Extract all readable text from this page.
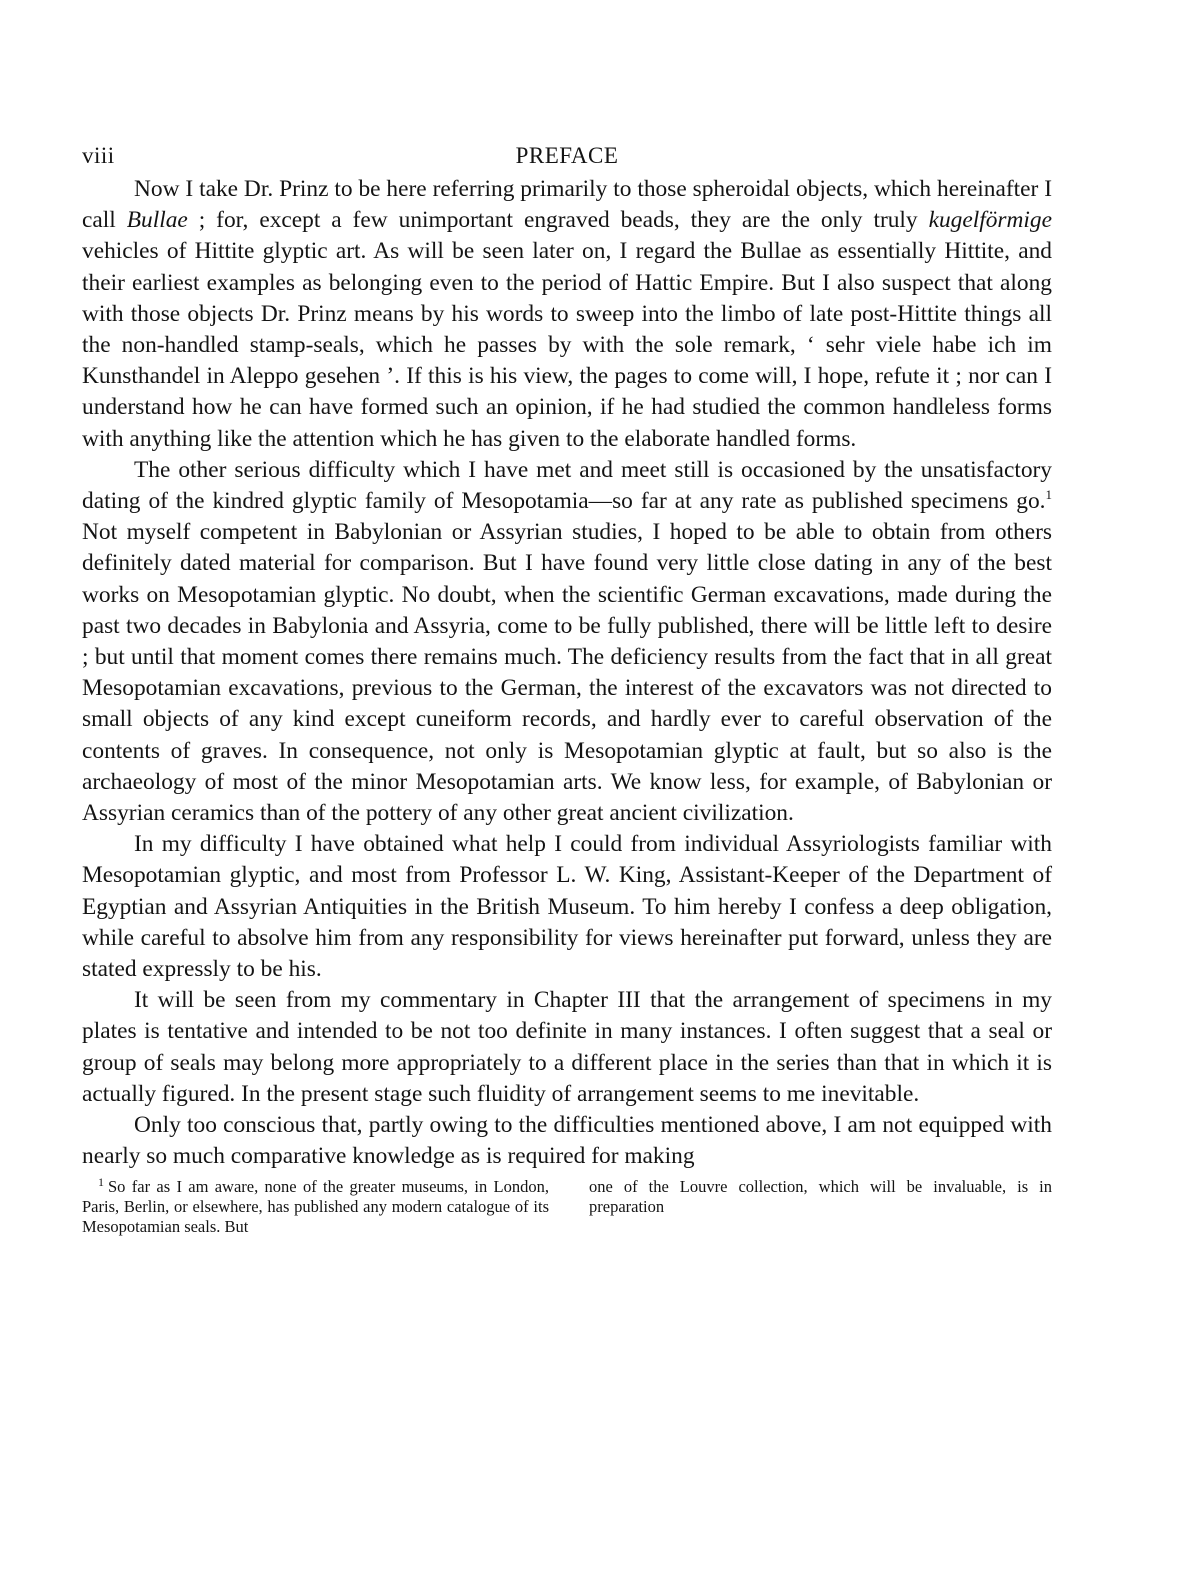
viii	PREFACE

Now I take Dr. Prinz to be here referring primarily to those spheroidal objects, which hereinafter I call Bullae ; for, except a few unimportant engraved beads, they are the only truly kugelförmige vehicles of Hittite glyptic art. As will be seen later on, I regard the Bullae as essentially Hittite, and their earliest examples as belonging even to the period of Hattic Empire. But I also suspect that along with those objects Dr. Prinz means by his words to sweep into the limbo of late post-Hittite things all the non-handled stamp-seals, which he passes by with the sole remark, ‘ sehr viele habe ich im Kunsthandel in Aleppo gesehen ’. If this is his view, the pages to come will, I hope, refute it ; nor can I understand how he can have formed such an opinion, if he had studied the common handleless forms with anything like the attention which he has given to the elaborate handled forms.

The other serious difficulty which I have met and meet still is occasioned by the unsatisfactory dating of the kindred glyptic family of Mesopotamia—so far at any rate as published specimens go.$^1$ Not myself competent in Babylonian or Assyrian studies, I hoped to be able to obtain from others definitely dated material for comparison. But I have found very little close dating in any of the best works on Mesopotamian glyptic. No doubt, when the scientific German excavations, made during the past two decades in Babylonia and Assyria, come to be fully published, there will be little left to desire ; but until that moment comes there remains much. The deficiency results from the fact that in all great Mesopotamian excavations, previous to the German, the interest of the excavators was not directed to small objects of any kind except cuneiform records, and hardly ever to careful observation of the contents of graves. In consequence, not only is Mesopotamian glyptic at fault, but so also is the archaeology of most of the minor Mesopotamian arts. We know less, for example, of Babylonian or Assyrian ceramics than of the pottery of any other great ancient civilization.

In my difficulty I have obtained what help I could from individual Assyriologists familiar with Mesopotamian glyptic, and most from Professor L. W. King, Assistant-Keeper of the Department of Egyptian and Assyrian Antiquities in the British Museum. To him hereby I confess a deep obligation, while careful to absolve him from any responsibility for views hereinafter put forward, unless they are stated expressly to be his.

It will be seen from my commentary in Chapter III that the arrangement of specimens in my plates is tentative and intended to be not too definite in many instances. I often suggest that a seal or group of seals may belong more appropriately to a different place in the series than that in which it is actually figured. In the present stage such fluidity of arrangement seems to me inevitable.

Only too conscious that, partly owing to the difficulties mentioned above, I am not equipped with nearly so much comparative knowledge as is required for making

$^1$ So far as I am aware, none of the greater museums, in London, Paris, Berlin, or elsewhere, has published any modern catalogue of its Mesopotamian seals. But
one of the Louvre collection, which will be invaluable, is in preparation
